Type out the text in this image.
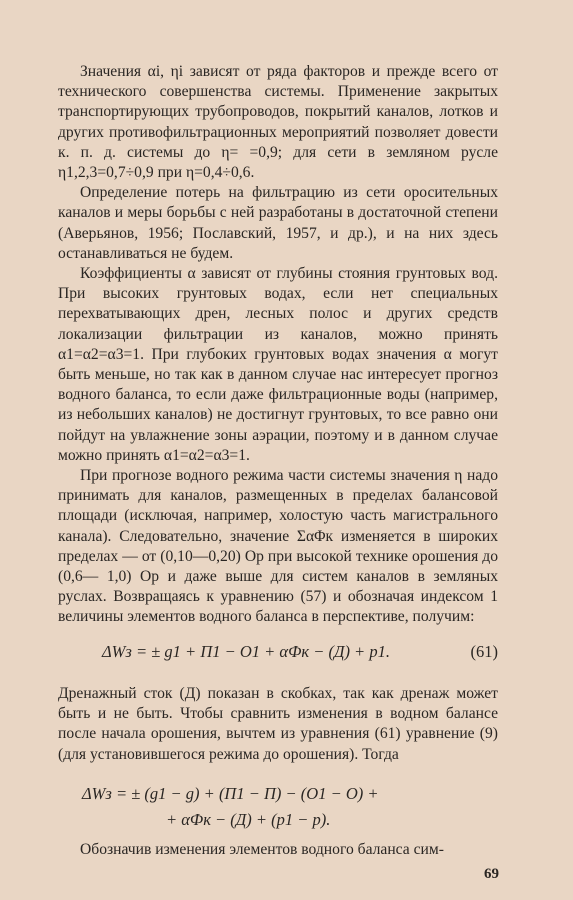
Значения αi, ηi зависят от ряда факторов и прежде всего от технического совершенства системы. Применение закрытых транспортирующих трубопроводов, покрытий каналов, лотков и других противофильтрационных мероприятий позволяет довести к. п. д. системы до η= =0,9; для сети в земляном русле η1,2,3=0,7÷0,9 при η=0,4÷0,6.

Определение потерь на фильтрацию из сети оросительных каналов и меры борьбы с ней разработаны в достаточной степени (Аверьянов, 1956; Пославский, 1957, и др.), и на них здесь останавливаться не будем.

Коэффициенты α зависят от глубины стояния грунтовых вод. При высоких грунтовых водах, если нет специальных перехватывающих дрен, лесных полос и других средств локализации фильтрации из каналов, можно принять α1=α2=α3=1. При глубоких грунтовых водах значения α могут быть меньше, но так как в данном случае нас интересует прогноз водного баланса, то если даже фильтрационные воды (например, из небольших каналов) не достигнут грунтовых, то все равно они пойдут на увлажнение зоны аэрации, поэтому и в данном случае можно принять α1=α2=α3=1.

При прогнозе водного режима части системы значения η надо принимать для каналов, размещенных в пределах балансовой площади (исключая, например, холостую часть магистрального канала). Следовательно, значение ΣαΦк изменяется в широких пределах — от (0,10—0,20) Ор при высокой технике орошения до (0,6— 1,0) Ор и даже выше для систем каналов в земляных руслах. Возвращаясь к уравнению (57) и обозначая индексом 1 величины элементов водного баланса в перспективе, получим:

ΔWз = ± g1 + П1 − О1 + αФк − (Д) + p1.	(61)

Дренажный сток (Д) показан в скобках, так как дренаж может быть и не быть. Чтобы сравнить изменения в водном балансе после начала орошения, вычтем из уравнения (61) уравнение (9) (для установившегося режима до орошения). Тогда

ΔWз = ± (g1 − g) + (П1 − П) − (О1 − О) +
+ αФк − (Д) + (p1 − p).

Обозначив изменения элементов водного баланса сим-

69
